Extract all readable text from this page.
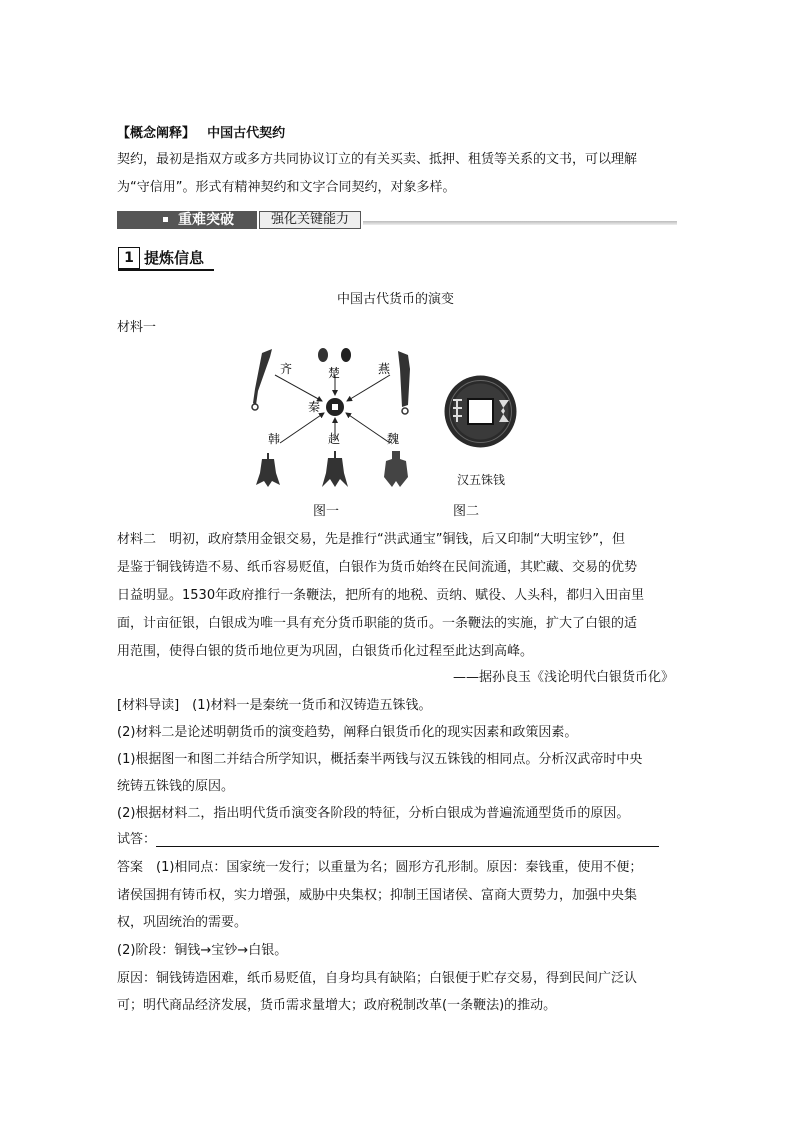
【概念阐释】 中国古代契约
契约，最初是指双方或多方共同协议订立的有关买卖、抵押、租赁等关系的文书，可以理解
为“守信用”。形式有精神契约和文字合同契约，对象多样。
重难突破	强化关键能力
1 提炼信息
中国古代货币的演变
材料一
齐	楚	燕
秦
韩	赵	魏
汉五铢钱
图一	图二
材料二　明初，政府禁用金银交易，先是推行“洪武通宝”铜钱，后又印制“大明宝钞”，但
是鉴于铜钱铸造不易、纸币容易贬值，白银作为货币始终在民间流通，其贮藏、交易的优势
日益明显。1530年政府推行一条鞭法，把所有的地税、贡纳、赋役、人头科，都归入田亩里
面，计亩征银，白银成为唯一具有充分货币职能的货币。一条鞭法的实施，扩大了白银的适
用范围，使得白银的货币地位更为巩固，白银货币化过程至此达到高峰。
——据孙良玉《浅论明代白银货币化》
[材料导读]　(1)材料一是秦统一货币和汉铸造五铢钱。
(2)材料二是论述明朝货币的演变趋势，阐释白银货币化的现实因素和政策因素。
(1)根据图一和图二并结合所学知识，概括秦半两钱与汉五铢钱的相同点。分析汉武帝时中央
统铸五铢钱的原因。
(2)根据材料二，指出明代货币演变各阶段的特征，分析白银成为普遍流通型货币的原因。
试答：
答案　(1)相同点：国家统一发行；以重量为名；圆形方孔形制。原因：秦钱重，使用不便；
诸侯国拥有铸币权，实力增强，威胁中央集权；抑制王国诸侯、富商大贾势力，加强中央集
权，巩固统治的需要。
(2)阶段：铜钱→宝钞→白银。
原因：铜钱铸造困难，纸币易贬值，自身均具有缺陷；白银便于贮存交易，得到民间广泛认
可；明代商品经济发展，货币需求量增大；政府税制改革(一条鞭法)的推动。
